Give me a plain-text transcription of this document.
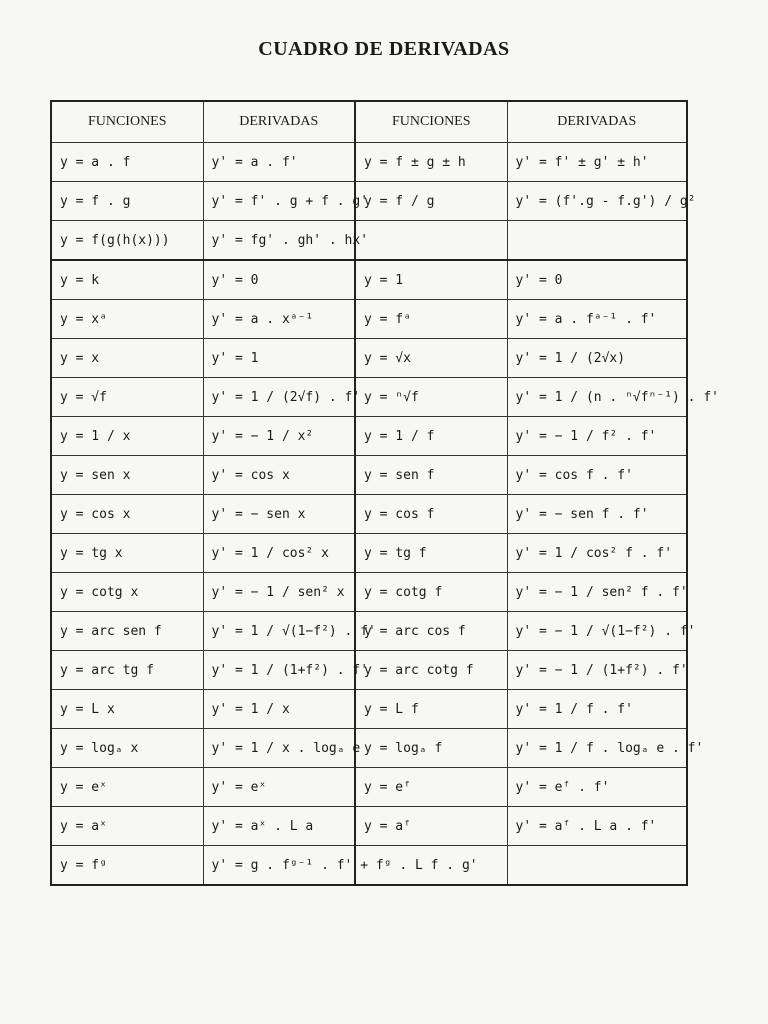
CUADRO DE DERIVADAS
FUNCIONES	DERIVADAS	FUNCIONES	DERIVADAS
y = a . f	y' = a . f'	y = f ± g ± h	y' = f' ± g' ± h'
y = f . g	y' = f' . g + f . g'	y = f / g	y' = (f'.g - f.g') / g²
y = f(g(h(x)))	y' = fg' . gh' . hx'		
y = k	y' = 0	y = 1	y' = 0
y = xᵃ	y' = a . xᵃ⁻¹	y = fᵃ	y' = a . fᵃ⁻¹ . f'
y = x	y' = 1	y = √x	y' = 1 / (2√x)
y = √f	y' = 1 / (2√f) . f'	y = ⁿ√f	y' = 1 / (n . ⁿ√fⁿ⁻¹) . f'
y = 1 / x	y' = − 1 / x²	y = 1 / f	y' = − 1 / f² . f'
y = sen x	y' = cos x	y = sen f	y' = cos f . f'
y = cos x	y' = − sen x	y = cos f	y' = − sen f . f'
y = tg x	y' = 1 / cos² x	y = tg f	y' = 1 / cos² f . f'
y = cotg x	y' = − 1 / sen² x	y = cotg f	y' = − 1 / sen² f . f'
y = arc sen f	y' = 1 / √(1−f²) . f'	y = arc cos f	y' = − 1 / √(1−f²) . f'
y = arc tg f	y' = 1 / (1+f²) . f'	y = arc cotg f	y' = − 1 / (1+f²) . f'
y = L x	y' = 1 / x	y = L f	y' = 1 / f . f'
y = logₐ x	y' = 1 / x . logₐ e	y = logₐ f	y' = 1 / f . logₐ e . f'
y = eˣ	y' = eˣ	y = eᶠ	y' = eᶠ . f'
y = aˣ	y' = aˣ . L a	y = aᶠ	y' = aᶠ . L a . f'
y = fᵍ	y' = g . fᵍ⁻¹ . f' + fᵍ . L f . g'		
